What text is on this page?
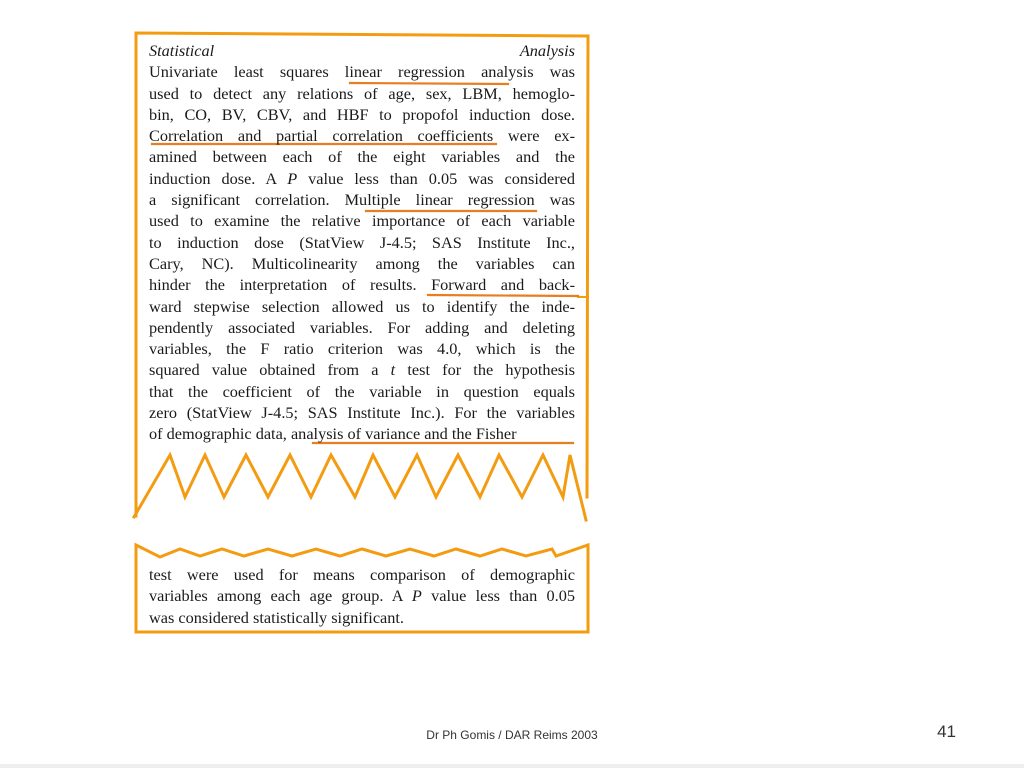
Statistical Analysis
Univariate least squares linear regression analysis was
used to detect any relations of age, sex, LBM, hemoglo-
bin, CO, BV, CBV, and HBF to propofol induction dose.
Correlation and partial correlation coefficients were ex-
amined between each of the eight variables and the
induction dose. A P value less than 0.05 was considered
a significant correlation. Multiple linear regression was
used to examine the relative importance of each variable
to induction dose (StatView J-4.5; SAS Institute Inc.,
Cary, NC). Multicolinearity among the variables can
hinder the interpretation of results. Forward and back-
ward stepwise selection allowed us to identify the inde-
pendently associated variables. For adding and deleting
variables, the F ratio criterion was 4.0, which is the
squared value obtained from a t test for the hypothesis
that the coefficient of the variable in question equals
zero (StatView J-4.5; SAS Institute Inc.). For the variables
of demographic data, analysis of variance and the Fisher
test were used for means comparison of demographic
variables among each age group. A P value less than 0.05
was considered statistically significant.
Dr Ph Gomis / DAR Reims 2003	41
